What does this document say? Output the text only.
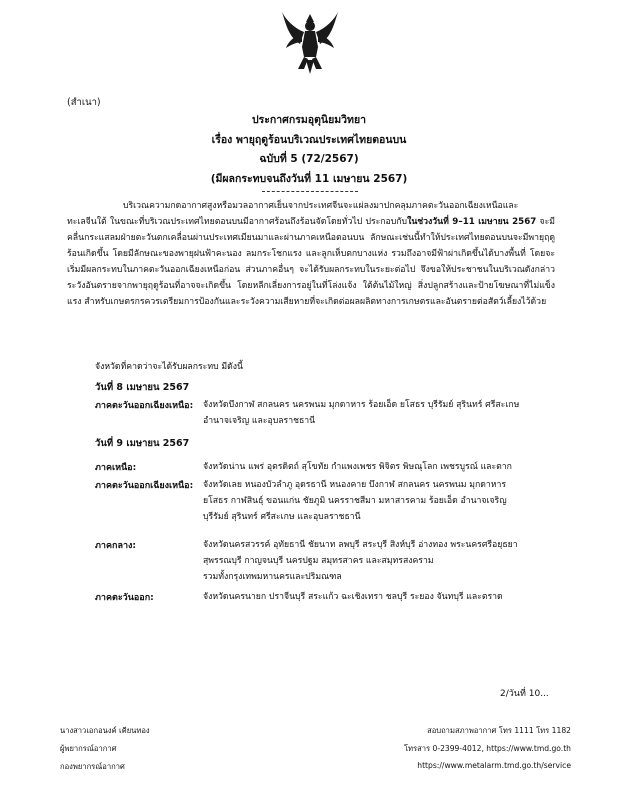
(สำเนา)
ประกาศกรมอุตุนิยมวิทยา
เรื่อง พายุฤดูร้อนบริเวณประเทศไทยตอนบน
ฉบับที่ 5 (72/2567)
(มีผลกระทบจนถึงวันที่ 11 เมษายน 2567)
บริเวณความกดอากาศสูงหรือมวลอากาศเย็นจากประเทศจีนจะแผ่ลงมาปกคลุมภาคตะวันออกเฉียงเหนือและทะเลจีนใต้ ในขณะที่บริเวณประเทศไทยตอนบนมีอากาศร้อนถึงร้อนจัดโดยทั่วไป ประกอบกับในช่วงวันที่ 9–11 เมษายน 2567 จะมีคลื่นกระแสลมฝ่ายตะวันตกเคลื่อนผ่านประเทศเมียนมาและผ่านภาคเหนือตอนบน ลักษณะเช่นนี้ทำให้ประเทศไทยตอนบนจะมีพายุฤดูร้อนเกิดขึ้น โดยมีลักษณะของพายุฝนฟ้าคะนอง ลมกระโชกแรง และลูกเห็บตกบางแห่ง รวมถึงอาจมีฟ้าผ่าเกิดขึ้นได้บางพื้นที่ โดยจะเริ่มมีผลกระทบในภาคตะวันออกเฉียงเหนือก่อน ส่วนภาคอื่นๆ จะได้รับผลกระทบในระยะต่อไป จึงขอให้ประชาชนในบริเวณดังกล่าวระวังอันตรายจากพายุฤดูร้อนที่อาจจะเกิดขึ้น โดยหลีกเลี่ยงการอยู่ในที่โล่งแจ้ง ใต้ต้นไม้ใหญ่ สิ่งปลูกสร้างและป้ายโฆษณาที่ไม่แข็งแรง สำหรับเกษตรกรควรเตรียมการป้องกันและระวังความเสียหายที่จะเกิดต่อผลผลิตทางการเกษตรและอันตรายต่อสัตว์เลี้ยงไว้ด้วย
จังหวัดที่คาดว่าจะได้รับผลกระทบ มีดังนี้
วันที่ 8 เมษายน 2567
ภาคตะวันออกเฉียงเหนือ: จังหวัดบึงกาฬ สกลนคร นครพนม มุกดาหาร ร้อยเอ็ด ยโสธร บุรีรัมย์ สุรินทร์ ศรีสะเกษ
อำนาจเจริญ และอุบลราชธานี
วันที่ 9 เมษายน 2567
ภาคเหนือ:	จังหวัดน่าน แพร่ อุตรดิตถ์ สุโขทัย กำแพงเพชร พิจิตร พิษณุโลก เพชรบูรณ์ และตาก
ภาคตะวันออกเฉียงเหนือ: จังหวัดเลย หนองบัวลำภู อุดรธานี หนองคาย บึงกาฬ สกลนคร นครพนม มุกดาหาร
ยโสธร กาฬสินธุ์ ขอนแก่น ชัยภูมิ นครราชสีมา มหาสารคาม ร้อยเอ็ด อำนาจเจริญ
บุรีรัมย์ สุรินทร์ ศรีสะเกษ และอุบลราชธานี
ภาคกลาง:	จังหวัดนครสวรรค์ อุทัยธานี ชัยนาท ลพบุรี สระบุรี สิงห์บุรี อ่างทอง พระนครศรีอยุธยา
สุพรรณบุรี กาญจนบุรี นครปฐม สมุทรสาคร และสมุทรสงคราม
รวมทั้งกรุงเทพมหานครและปริมณฑล
ภาคตะวันออก:	จังหวัดนครนายก ปราจีนบุรี สระแก้ว ฉะเชิงเทรา ชลบุรี ระยอง จันทบุรี และตราด
2/วันที่ 10...
นางสาวเอกอนงค์ เคียนทอง
ผู้พยากรณ์อากาศ
กองพยากรณ์อากาศ
สอบถามสภาพอากาศ โทร 1111 โทร 1182
โทรสาร 0-2399-4012, https://www.tmd.go.th
https://www.metalarm.tmd.go.th/service
